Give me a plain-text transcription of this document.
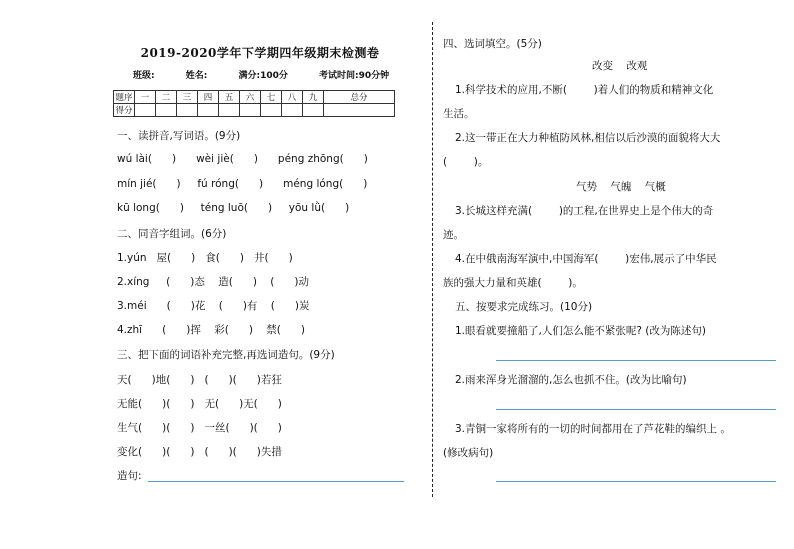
2019-2020学年下学期四年级期末检测卷
班级:	姓名:	满分:100分	考试时间:90分钟
题序	一	二	三	四	五	六	七	八	九	总分
得分										
一、读拼音,写词语。(9分)
wú lài(      )      wèi jiè(      )      péng zhōng(      )
mín jié(      )     fú róng(      )      méng lóng(      )
kū long(      )     téng luō(      )     yōu lǜ(      )
二、同音字组词。(6分)
1.yún   屋(      )   食(      )   井(      )
2.xíng     (      )态    造(      )    (      )动
3.méi      (      )花    (      )有    (      )炭
4.zhī      (      )挥    彩(      )    禁(      )
三、把下面的词语补充完整,再选词造句。(9分)
天(      )地(      )   (      )(      )若狂
无能(      )(      )   无(      )无(      )
生气(      )(      )   一丝(      )(      )
变化(      )(      )   (      )(      )失措
造句:
四、选词填空。(5分)
改变    改观
1.科学技术的应用,不断(        )着人们的物质和精神文化
生活。
2.这一带正在大力种植防风林,相信以后沙漠的面貌将大大
(        )。
气势    气魄    气概
3.长城这样充满(        )的工程,在世界史上是个伟大的奇
迹。
4.在中俄南海军演中,中国海军(        )宏伟,展示了中华民
族的强大力量和英雄(        )。
五、按要求完成练习。(10分)
1.眼看就要撞船了,人们怎么能不紧张呢? (改为陈述句)
2.雨来浑身光溜溜的,怎么也抓不住。(改为比喻句)
3.青铜一家将所有的一切的时间都用在了芦花鞋的编织上 。
(修改病句)
